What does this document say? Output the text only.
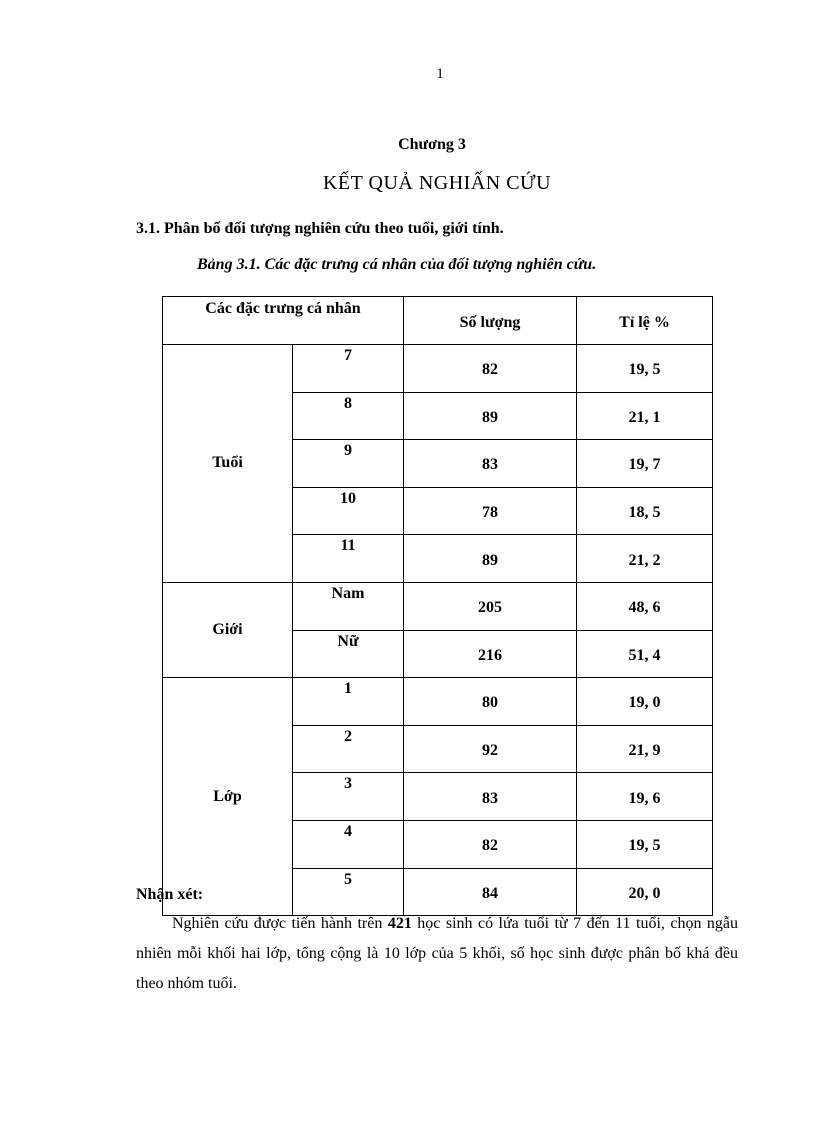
1
Chương 3
KẾT QUẢ NGHIẤN CỨU
3.1. Phân bố đối tượng nghiên cứu theo tuổi, giới tính.
Bảng 3.1. Các đặc trưng cá nhân của đối tượng nghiên cứu.
Các đặc trưng cá nhân		Số lượng	Tỉ lệ %
Tuổi	7	82	19, 5
	8	89	21, 1
	9	83	19, 7
	10	78	18, 5
	11	89	21, 2
Giới	Nam	205	48, 6
	Nữ	216	51, 4
Lớp	1	80	19, 0
	2	92	21, 9
	3	83	19, 6
	4	82	19, 5
	5	84	20, 0
Nhận xét:
Nghiên cứu được tiến hành trên 421 học sinh có lứa tuổi từ 7 đến 11 tuổi, chọn ngẫu nhiên mỗi khối hai lớp, tổng cộng là 10 lớp của 5 khối, số học sinh được phân bố khá đều theo nhóm tuổi.
